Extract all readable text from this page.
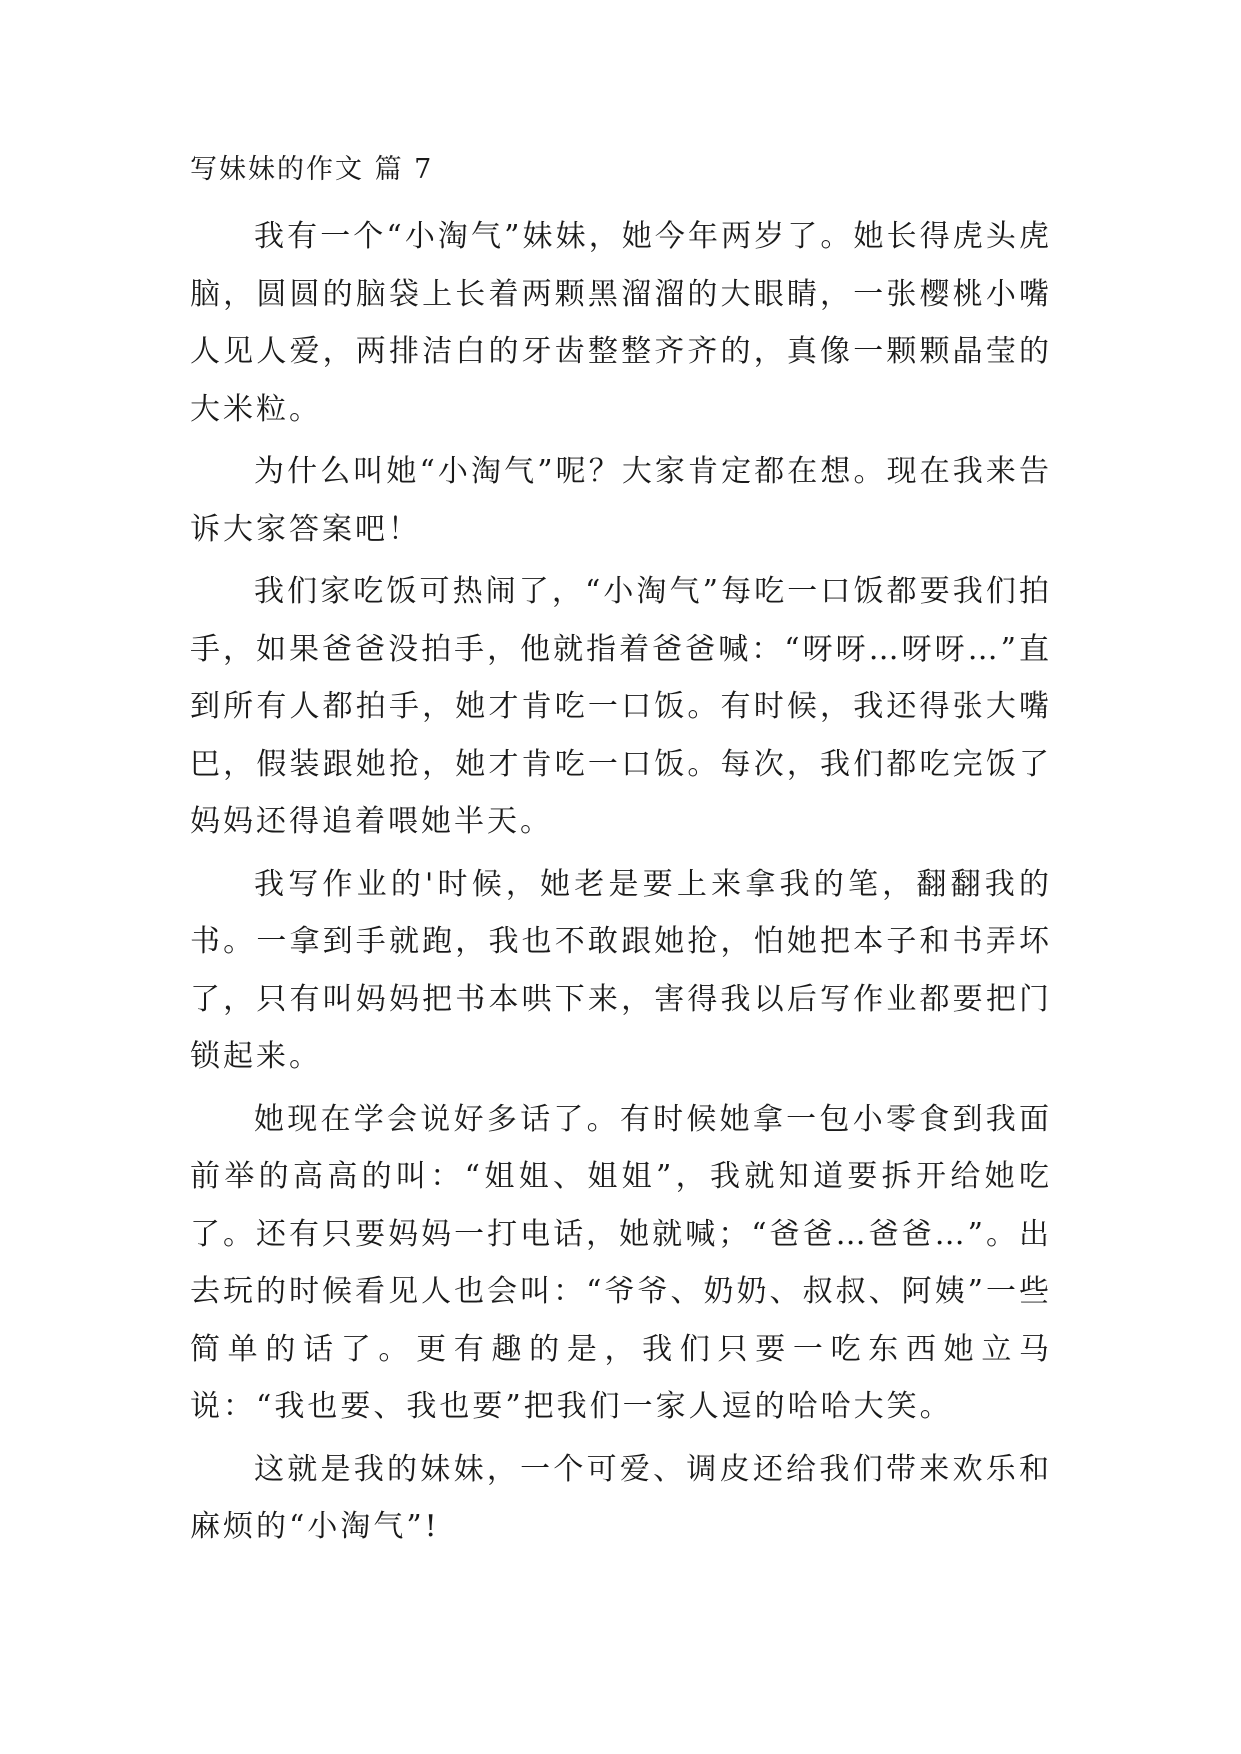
写妹妹的作文 篇 7

我有一个“小淘气”妹妹，她今年两岁了。她长得虎头虎脑，圆圆的脑袋上长着两颗黑溜溜的大眼睛，一张樱桃小嘴人见人爱，两排洁白的牙齿整整齐齐的，真像一颗颗晶莹的大米粒。

为什么叫她“小淘气”呢？大家肯定都在想。现在我来告诉大家答案吧！

我们家吃饭可热闹了，“小淘气”每吃一口饭都要我们拍手，如果爸爸没拍手，他就指着爸爸喊：“呀呀…呀呀…”直到所有人都拍手，她才肯吃一口饭。有时候，我还得张大嘴巴，假装跟她抢，她才肯吃一口饭。每次，我们都吃完饭了妈妈还得追着喂她半天。

我写作业的'时候，她老是要上来拿我的笔，翻翻我的书。一拿到手就跑，我也不敢跟她抢，怕她把本子和书弄坏了，只有叫妈妈把书本哄下来，害得我以后写作业都要把门锁起来。

她现在学会说好多话了。有时候她拿一包小零食到我面前举的高高的叫：“姐姐、姐姐”，我就知道要拆开给她吃了。还有只要妈妈一打电话，她就喊；“爸爸…爸爸…”。出去玩的时候看见人也会叫：“爷爷、奶奶、叔叔、阿姨”一些简单的话了。更有趣的是，我们只要一吃东西她立马说：“我也要、我也要”把我们一家人逗的哈哈大笑。

这就是我的妹妹，一个可爱、调皮还给我们带来欢乐和麻烦的“小淘气”!
